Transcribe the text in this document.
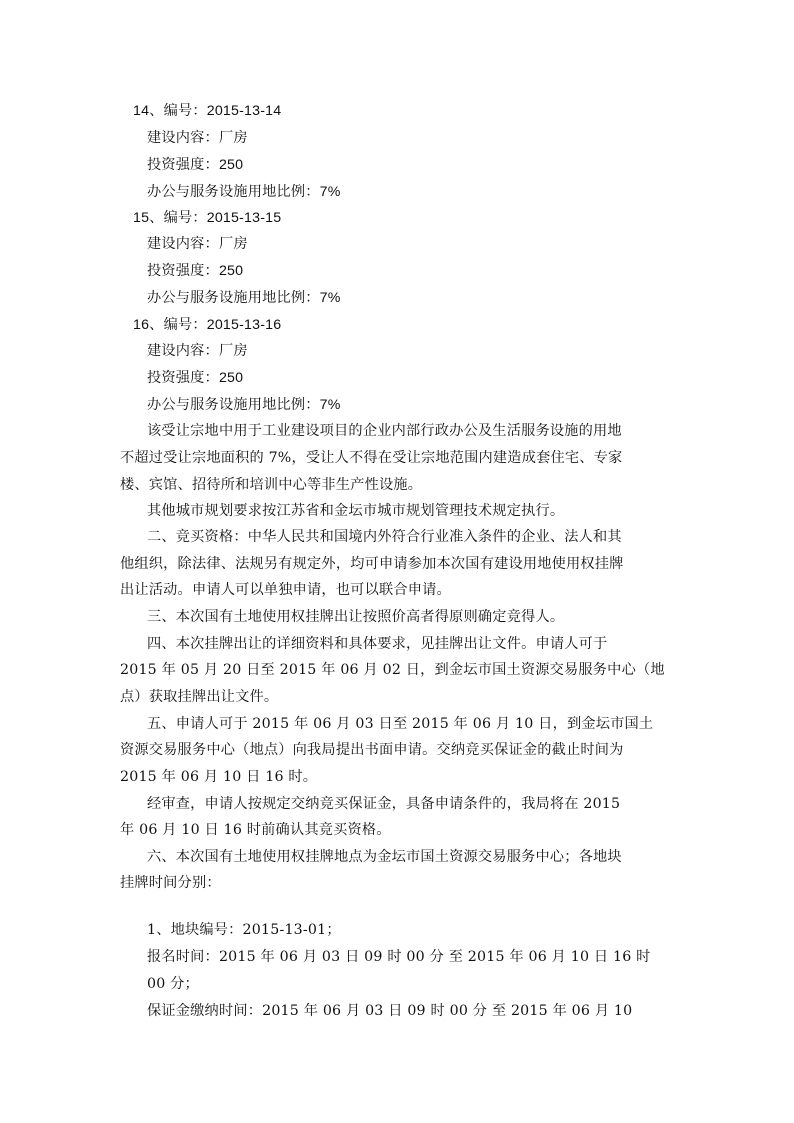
14、编号：2015-13-14
建设内容：厂房
投资强度：250
办公与服务设施用地比例：7%
15、编号：2015-13-15
建设内容：厂房
投资强度：250
办公与服务设施用地比例：7%
16、编号：2015-13-16
建设内容：厂房
投资强度：250
办公与服务设施用地比例：7%
该受让宗地中用于工业建设项目的企业内部行政办公及生活服务设施的用地
不超过受让宗地面积的 7%，受让人不得在受让宗地范围内建造成套住宅、专家
楼、宾馆、招待所和培训中心等非生产性设施。
其他城市规划要求按江苏省和金坛市城市规划管理技术规定执行。
二、竞买资格：中华人民共和国境内外符合行业准入条件的企业、法人和其
他组织，除法律、法规另有规定外，均可申请参加本次国有建设用地使用权挂牌
出让活动。申请人可以单独申请，也可以联合申请。
三、本次国有土地使用权挂牌出让按照价高者得原则确定竞得人。
四、本次挂牌出让的详细资料和具体要求，见挂牌出让文件。申请人可于
2015 年 05 月 20 日至 2015 年 06 月 02 日，到金坛市国土资源交易服务中心（地
点）获取挂牌出让文件。
五、申请人可于 2015 年 06 月 03 日至 2015 年 06 月 10 日，到金坛市国土
资源交易服务中心（地点）向我局提出书面申请。交纳竞买保证金的截止时间为
2015 年 06 月 10 日 16 时。
经审查，申请人按规定交纳竞买保证金，具备申请条件的，我局将在 2015
年 06 月 10 日 16 时前确认其竞买资格。
六、本次国有土地使用权挂牌地点为金坛市国土资源交易服务中心；各地块
挂牌时间分别：
1、地块编号：2015-13-01；
报名时间：2015 年 06 月 03 日 09 时 00 分 至 2015 年 06 月 10 日 16 时
00 分；
保证金缴纳时间：2015 年 06 月 03 日 09 时 00 分 至 2015 年 06 月 10
